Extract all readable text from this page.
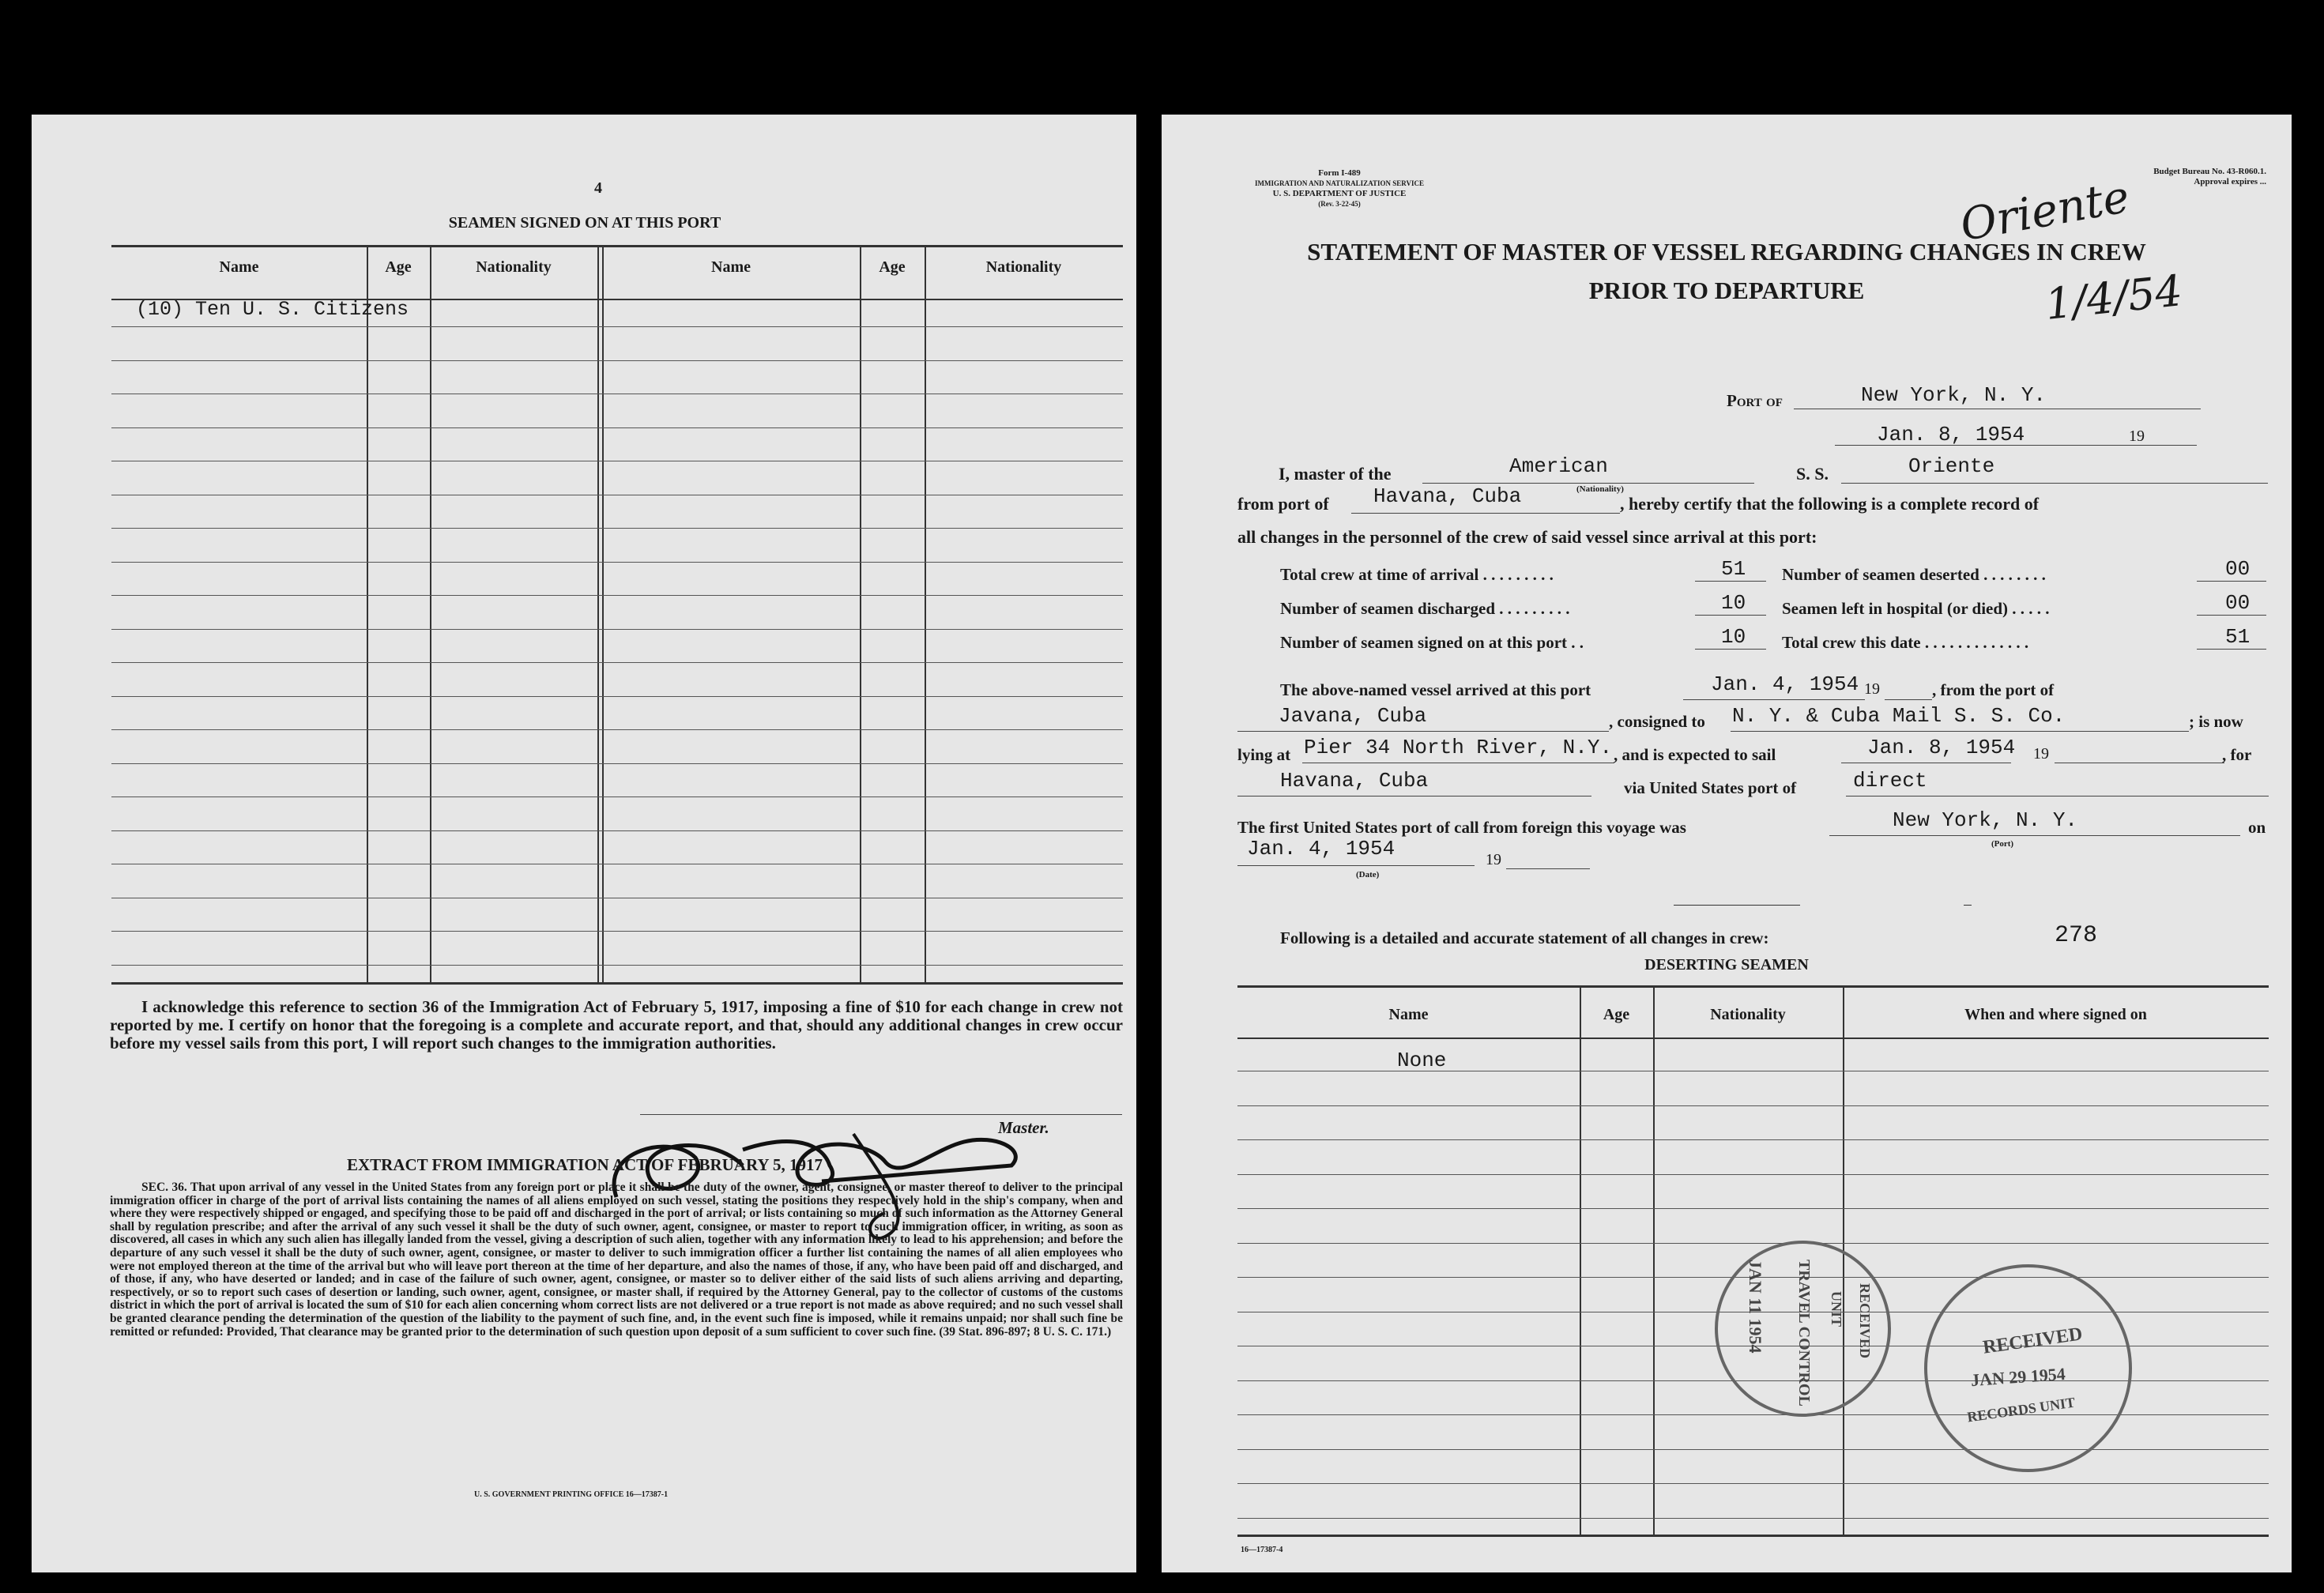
4
SEAMEN SIGNED ON AT THIS PORT
Name	Age	Nationality	Name	Age	Nationality
(10) Ten U. S. Citizens
I acknowledge this reference to section 36 of the Immigration Act of February 5, 1917, imposing a fine of $10 for each change in crew not reported by me. I certify on honor that the foregoing is a complete and accurate report, and that, should any additional changes in crew occur before my vessel sails from this port, I will report such changes to the immigration authorities.
Master.
EXTRACT FROM IMMIGRATION ACT OF FEBRUARY 5, 1917
SEC. 36. That upon arrival of any vessel in the United States from any foreign port or place it shall be the duty of the owner, agent, consignee, or master thereof to deliver to the principal immigration officer in charge of the port of arrival lists containing the names of all aliens employed on such vessel, stating the positions they respectively hold in the ship's company, when and where they were respectively shipped or engaged, and specifying those to be paid off and discharged in the port of arrival; or lists containing so much of such information as the Attorney General shall by regulation prescribe; and after the arrival of any such vessel it shall be the duty of such owner, agent, consignee, or master to report to such immigration officer, in writing, as soon as discovered, all cases in which any such alien has illegally landed from the vessel, giving a description of such alien, together with any information likely to lead to his apprehension; and before the departure of any such vessel it shall be the duty of such owner, agent, consignee, or master to deliver to such immigration officer a further list containing the names of all alien employees who were not employed thereon at the time of the arrival but who will leave port thereon at the time of her departure, and also the names of those, if any, who have been paid off and discharged, and of those, if any, who have deserted or landed; and in case of the failure of such owner, agent, consignee, or master so to deliver either of the said lists of such aliens arriving and departing, respectively, or so to report such cases of desertion or landing, such owner, agent, consignee, or master shall, if required by the Attorney General, pay to the collector of customs of the customs district in which the port of arrival is located the sum of $10 for each alien concerning whom correct lists are not delivered or a true report is not made as above required; and no such vessel shall be granted clearance pending the determination of the question of the liability to the payment of such fine, and, in the event such fine is imposed, while it remains unpaid; nor shall such fine be remitted or refunded: Provided, That clearance may be granted prior to the determination of such question upon deposit of a sum sufficient to cover such fine. (39 Stat. 896-897; 8 U. S. C. 171.)
U. S. GOVERNMENT PRINTING OFFICE 16—17387-1
Form I-489
IMMIGRATION AND NATURALIZATION SERVICE
U. S. DEPARTMENT OF JUSTICE
(Rev. 3-22-45)
Budget Bureau No. 43-R060.1.
Approval expires ...
STATEMENT OF MASTER OF VESSEL REGARDING CHANGES IN CREW
PRIOR TO DEPARTURE
Oriente
1/4/54
Port of	New York, N. Y.
Jan. 8, 1954	19
I, master of the	American
(Nationality)
S. S.	Oriente
from port of Havana, Cuba	, hereby certify that the following is a complete record of
all changes in the personnel of the crew of said vessel since arrival at this port:
Total crew at time of arrival . . . . . . . . .	51 Number of seamen deserted . . . . . . . .	00
Number of seamen discharged . . . . . . . . .	10 Seamen left in hospital (or died) . . . . .	00
Number of seamen signed on at this port . .	10 Total crew this date . . . . . . . . . . . . .	51
The above-named vessel arrived at this port	Jan. 4, 1954 19	, from the port of
Javana, Cuba	, consigned to N. Y. & Cuba Mail S. S. Co.	; is now
lying at Pier 34 North River, N.Y. , and is expected to sail	Jan. 8, 1954 19	, for
Havana, Cuba	via United States port of	direct
The first United States port of call from foreign this voyage was	New York, N. Y.
(Port)
on
Jan. 4, 1954
(Date)
19
Following is a detailed and accurate statement of all changes in crew:	278
DESERTING SEAMEN
Name	Age	Nationality	When and where signed on
None
JAN 11 1954 TRAVEL CONTROL UNIT RECEIVED	RECEIVED
JAN 29 1954
RECORDS UNIT
16—17387-4
